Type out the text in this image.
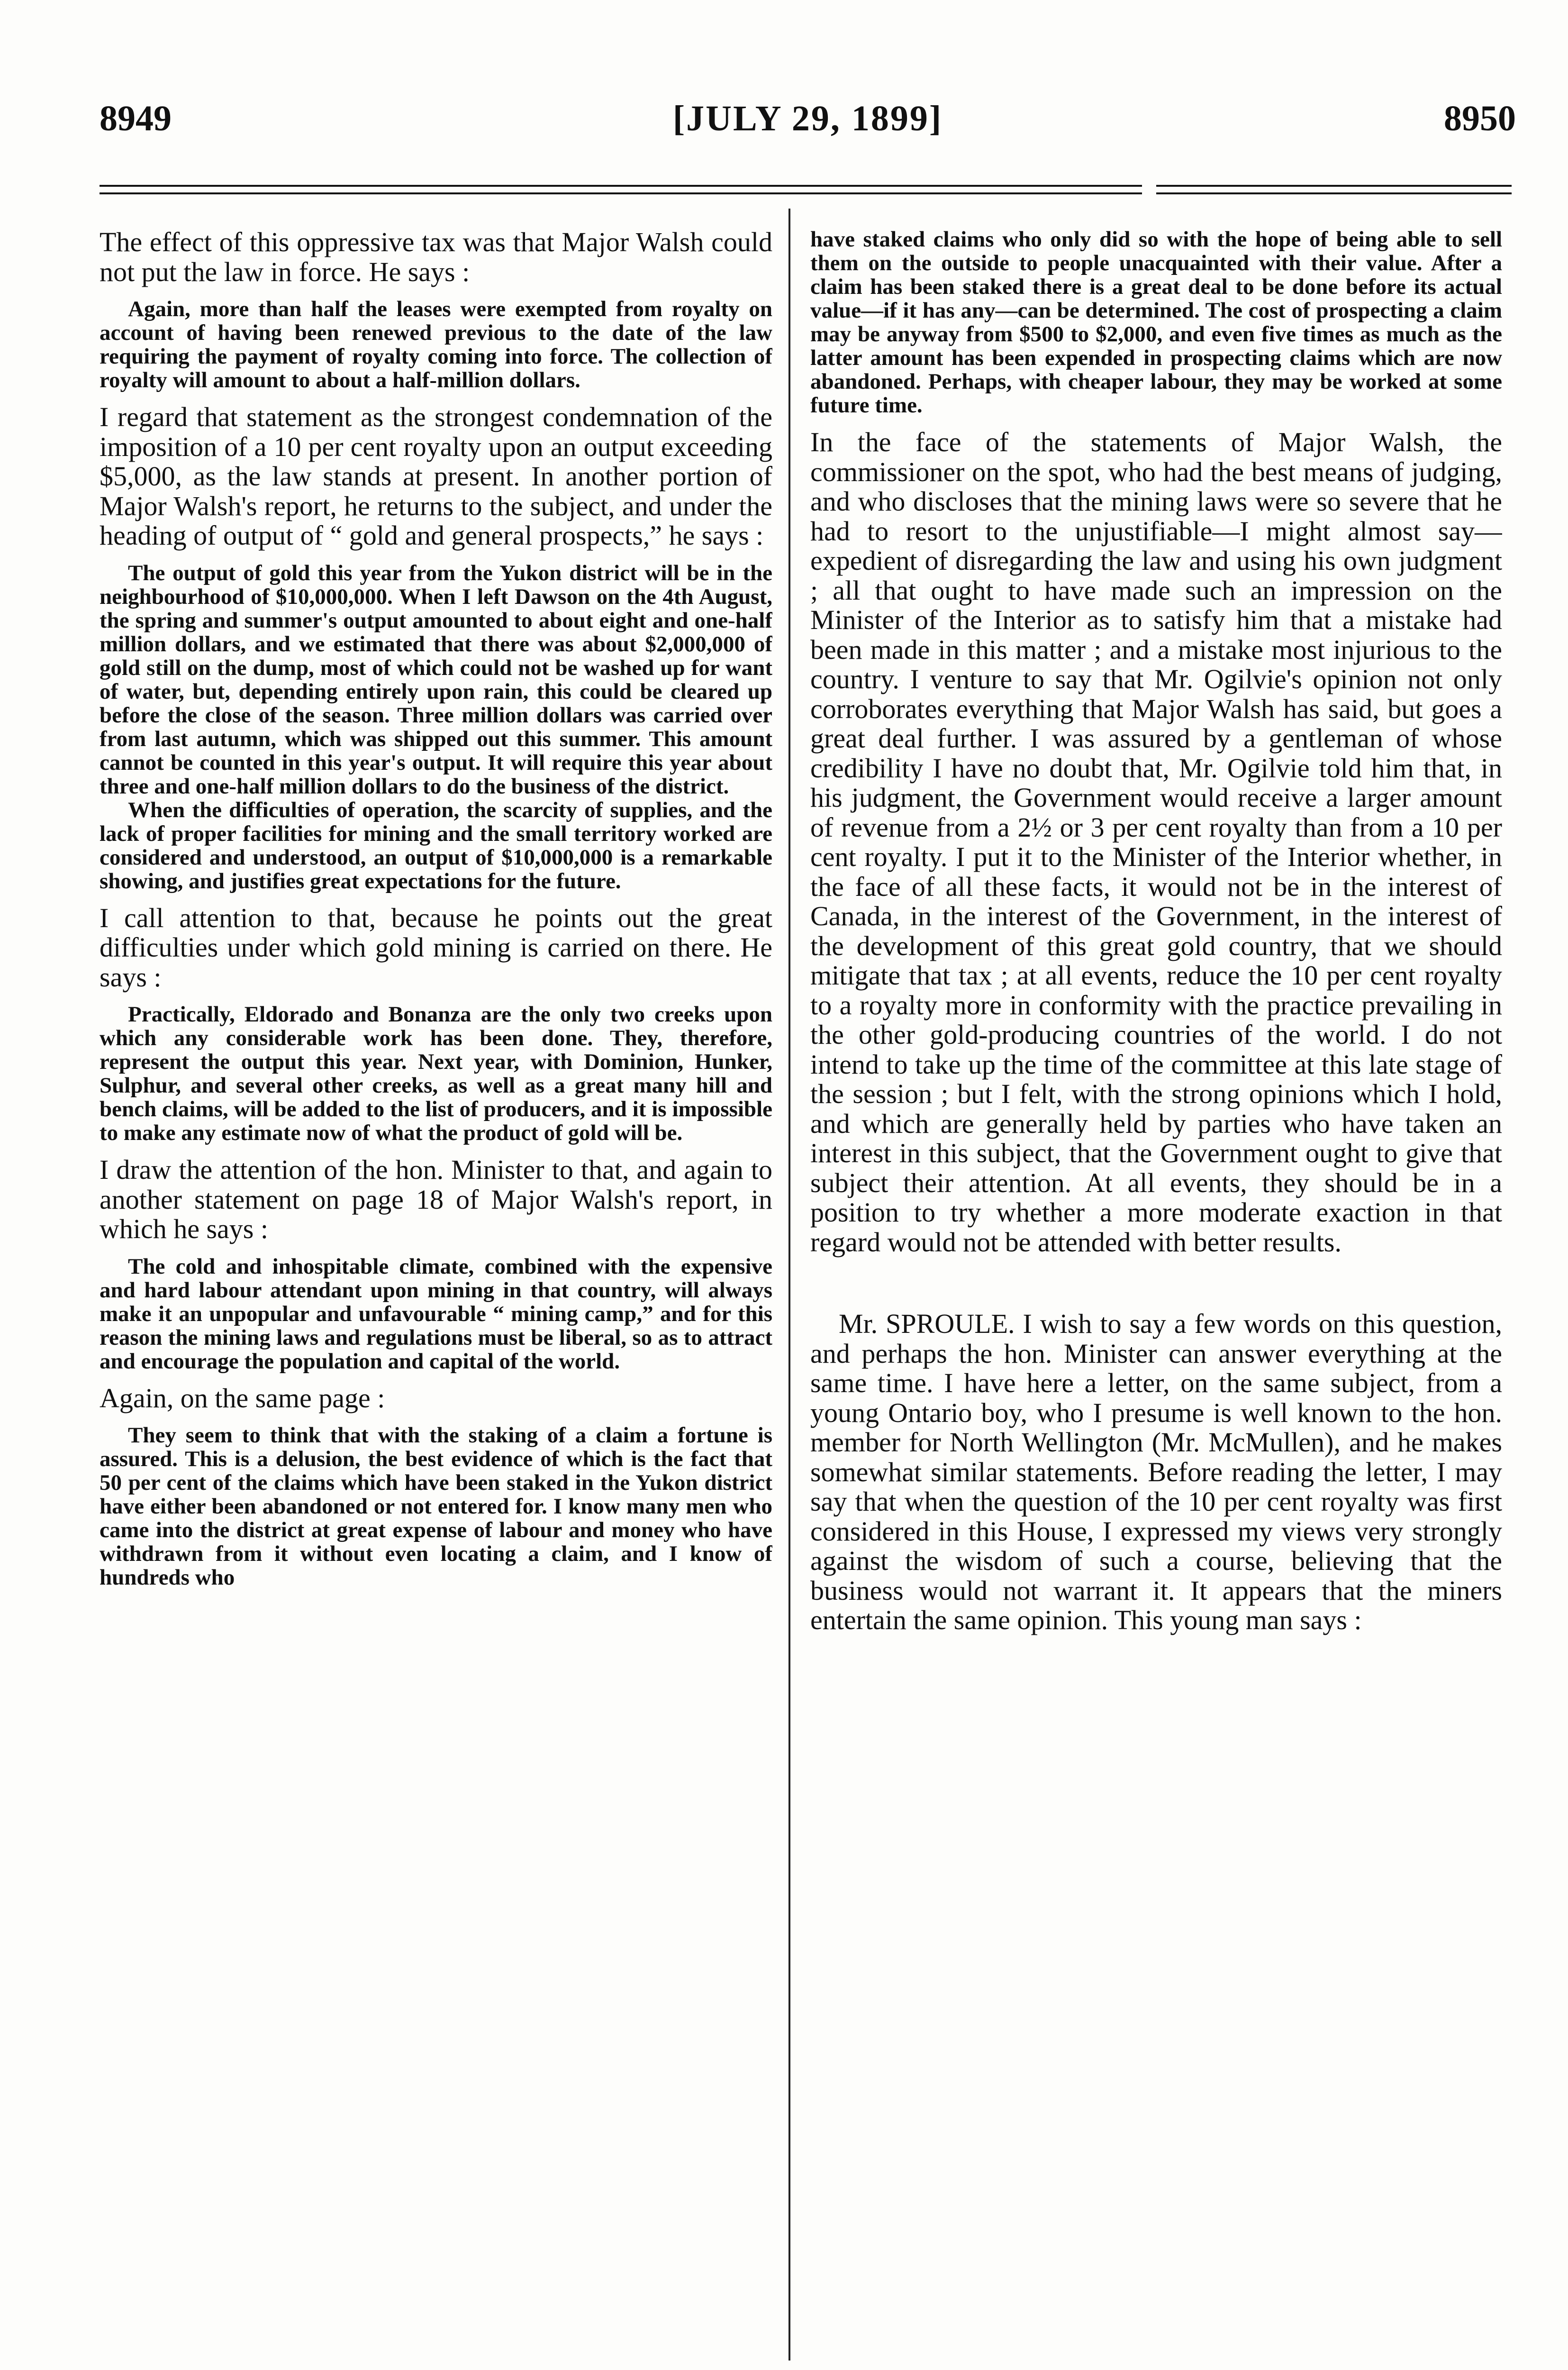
8949	[JULY 29, 1899]	8950

The effect of this oppressive tax was that Major Walsh could not put the law in force. He says :

Again, more than half the leases were exempted from royalty on account of having been renewed previous to the date of the law requiring the payment of royalty coming into force. The collection of royalty will amount to about a half-million dollars.

I regard that statement as the strongest condemnation of the imposition of a 10 per cent royalty upon an output exceeding $5,000, as the law stands at present. In another portion of Major Walsh's report, he returns to the subject, and under the heading of output of “ gold and general prospects,” he says :

The output of gold this year from the Yukon district will be in the neighbourhood of $10,000,000. When I left Dawson on the 4th August, the spring and summer's output amounted to about eight and one-half million dollars, and we estimated that there was about $2,000,000 of gold still on the dump, most of which could not be washed up for want of water, but, depending entirely upon rain, this could be cleared up before the close of the season. Three million dollars was carried over from last autumn, which was shipped out this summer. This amount cannot be counted in this year's output. It will require this year about three and one-half million dollars to do the business of the district.

When the difficulties of operation, the scarcity of supplies, and the lack of proper facilities for mining and the small territory worked are considered and understood, an output of $10,000,000 is a remarkable showing, and justifies great expectations for the future.

I call attention to that, because he points out the great difficulties under which gold mining is carried on there. He says :

Practically, Eldorado and Bonanza are the only two creeks upon which any considerable work has been done. They, therefore, represent the output this year. Next year, with Dominion, Hunker, Sulphur, and several other creeks, as well as a great many hill and bench claims, will be added to the list of producers, and it is impossible to make any estimate now of what the product of gold will be.

I draw the attention of the hon. Minister to that, and again to another statement on page 18 of Major Walsh's report, in which he says :

The cold and inhospitable climate, combined with the expensive and hard labour attendant upon mining in that country, will always make it an unpopular and unfavourable “ mining camp,” and for this reason the mining laws and regulations must be liberal, so as to attract and encourage the population and capital of the world.

Again, on the same page :

They seem to think that with the staking of a claim a fortune is assured. This is a delusion, the best evidence of which is the fact that 50 per cent of the claims which have been staked in the Yukon district have either been abandoned or not entered for. I know many men who came into the district at great expense of labour and money who have withdrawn from it without even locating a claim, and I know of hundreds who

have staked claims who only did so with the hope of being able to sell them on the outside to people unacquainted with their value. After a claim has been staked there is a great deal to be done before its actual value—if it has any—can be determined. The cost of prospecting a claim may be anyway from $500 to $2,000, and even five times as much as the latter amount has been expended in prospecting claims which are now abandoned. Perhaps, with cheaper labour, they may be worked at some future time.

In the face of the statements of Major Walsh, the commissioner on the spot, who had the best means of judging, and who discloses that the mining laws were so severe that he had to resort to the unjustifiable—I might almost say—expedient of disregarding the law and using his own judgment ; all that ought to have made such an impression on the Minister of the Interior as to satisfy him that a mistake had been made in this matter ; and a mistake most injurious to the country. I venture to say that Mr. Ogilvie's opinion not only corroborates everything that Major Walsh has said, but goes a great deal further. I was assured by a gentleman of whose credibility I have no doubt that, Mr. Ogilvie told him that, in his judgment, the Government would receive a larger amount of revenue from a 2½ or 3 per cent royalty than from a 10 per cent royalty. I put it to the Minister of the Interior whether, in the face of all these facts, it would not be in the interest of Canada, in the interest of the Government, in the interest of the development of this great gold country, that we should mitigate that tax ; at all events, reduce the 10 per cent royalty to a royalty more in conformity with the practice prevailing in the other gold-producing countries of the world. I do not intend to take up the time of the committee at this late stage of the session ; but I felt, with the strong opinions which I hold, and which are generally held by parties who have taken an interest in this subject, that the Government ought to give that subject their attention. At all events, they should be in a position to try whether a more moderate exaction in that regard would not be attended with better results.

Mr. SPROULE. I wish to say a few words on this question, and perhaps the hon. Minister can answer everything at the same time. I have here a letter, on the same subject, from a young Ontario boy, who I presume is well known to the hon. member for North Wellington (Mr. McMullen), and he makes somewhat similar statements. Before reading the letter, I may say that when the question of the 10 per cent royalty was first considered in this House, I expressed my views very strongly against the wisdom of such a course, believing that the business would not warrant it. It appears that the miners entertain the same opinion. This young man says :
